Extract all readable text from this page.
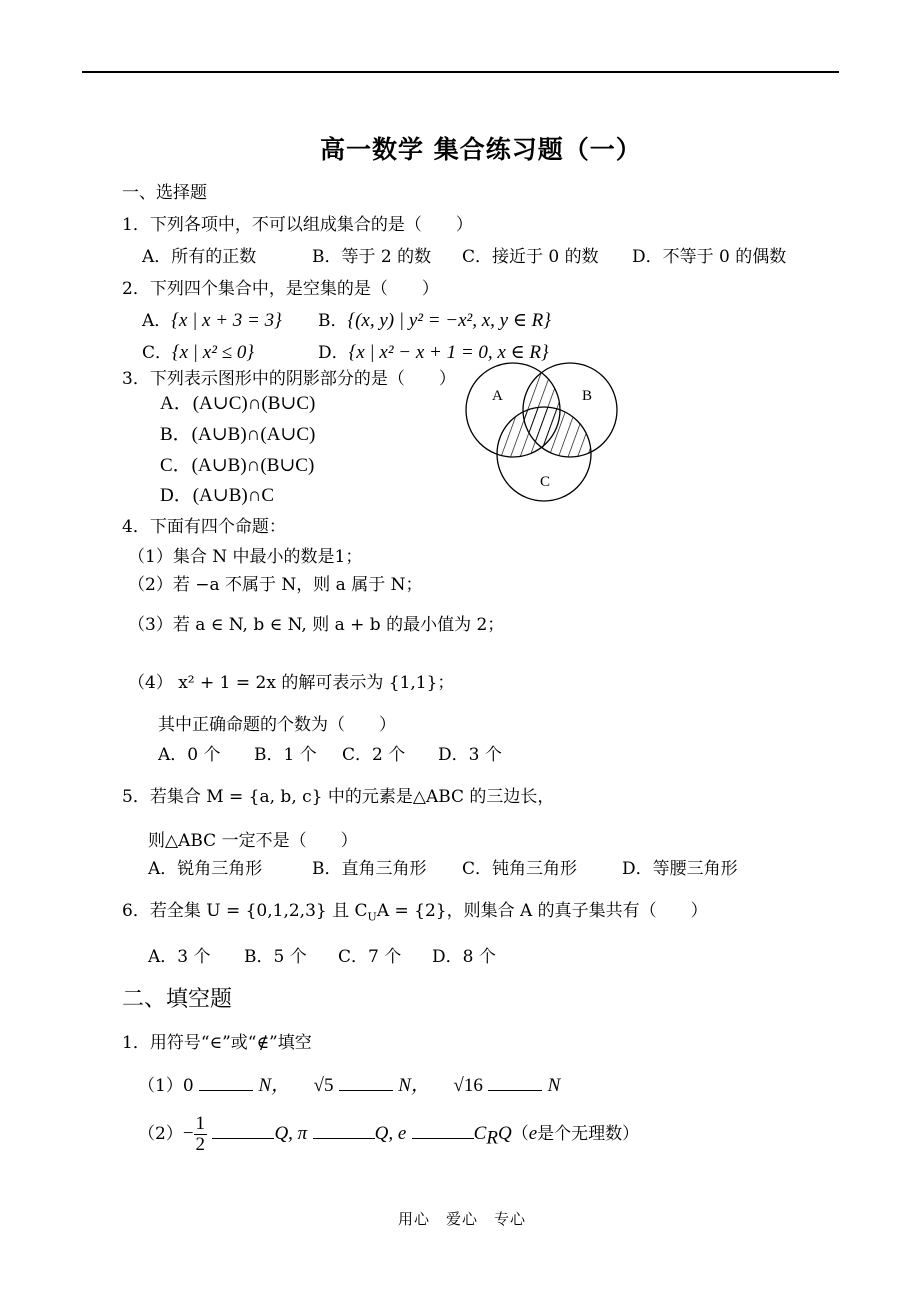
高一数学 集合练习题（一）
一、选择题
1．下列各项中，不可以组成集合的是（　　）
A．所有的正数	B．等于 2 的数 C．接近于 0 的数 D．不等于 0 的偶数
2．下列四个集合中，是空集的是（　　）
A．{x | x + 3 = 3} B．{(x, y) | y² = −x², x, y ∈ R}
C．{x | x² ≤ 0}	D．{x | x² − x + 1 = 0, x ∈ R}
3．下列表示图形中的阴影部分的是（　　）
A．(A∪C)∩(B∪C)
B．(A∪B)∩(A∪C)
C．(A∪B)∩(B∪C)
D．(A∪B)∩C
A	B
C
4．下面有四个命题：
（1）集合 N 中最小的数是1；
（2）若 −a 不属于 N，则 a 属于 N；
（3）若 a ∈ N, b ∈ N, 则 a + b 的最小值为 2；
（4） x² + 1 = 2x 的解可表示为 {1,1}；
其中正确命题的个数为（　　）
A．0 个 B．1 个 C．2 个 D．3 个
5．若集合 M = {a, b, c} 中的元素是△ABC 的三边长，
则△ABC 一定不是（　　）
A．锐角三角形	B．直角三角形 C．钝角三角形	D．等腰三角形
6．若全集 U = {0,1,2,3} 且 $C_UA = \{2\}$，则集合 A 的真子集共有（　　）
A．3 个 B．5 个 C．7 个 D．8 个
二、填空题
1．用符号“∈”或“∉”填空
（1）0	N， √5	N， √16	N
$(2)- \frac{1}{2}$	Q, π	Q, e	$C_RQ(e$是个无理数）
用心　爱心　专心
